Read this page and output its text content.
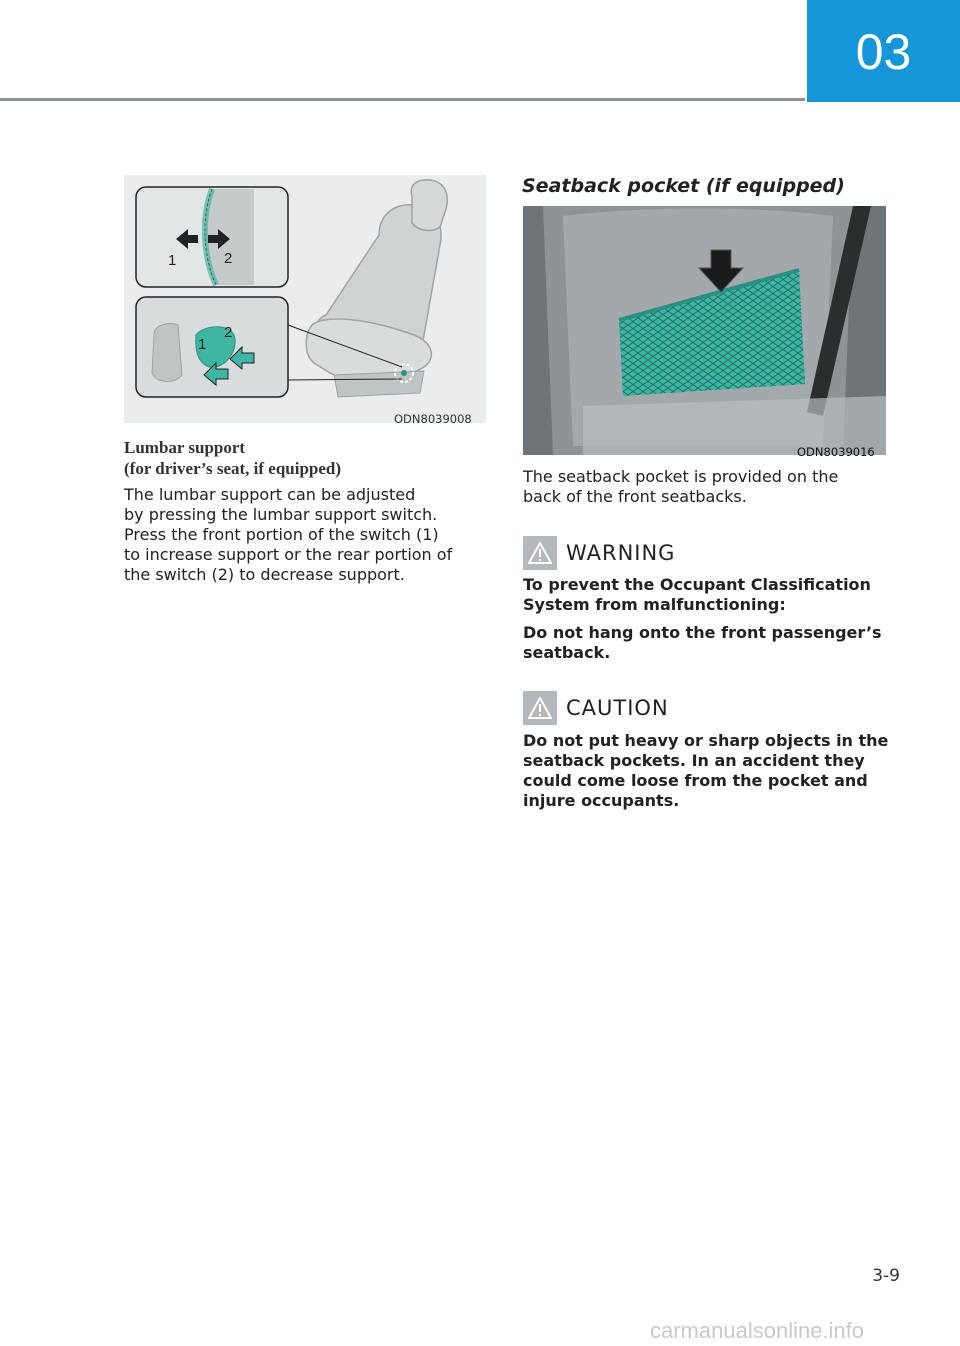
03
1	2
1
2
ODN8039008
Lumbar support
(for driver’s seat, if equipped)
The lumbar support can be adjusted
by pressing the lumbar support switch.
Press the front portion of the switch (1)
to increase support or the rear portion of
the switch (2) to decrease support.
Seatback pocket (if equipped)
ODN8039016
The seatback pocket is provided on the
back of the front seatbacks.
WARNING

To prevent the Occupant Classification
System from malfunctioning:

Do not hang onto the front passenger’s
seatback.

CAUTION

Do not put heavy or sharp objects in the
seatback pockets. In an accident they
could come loose from the pocket and
injure occupants.

3-9
carmanualsonline.info
